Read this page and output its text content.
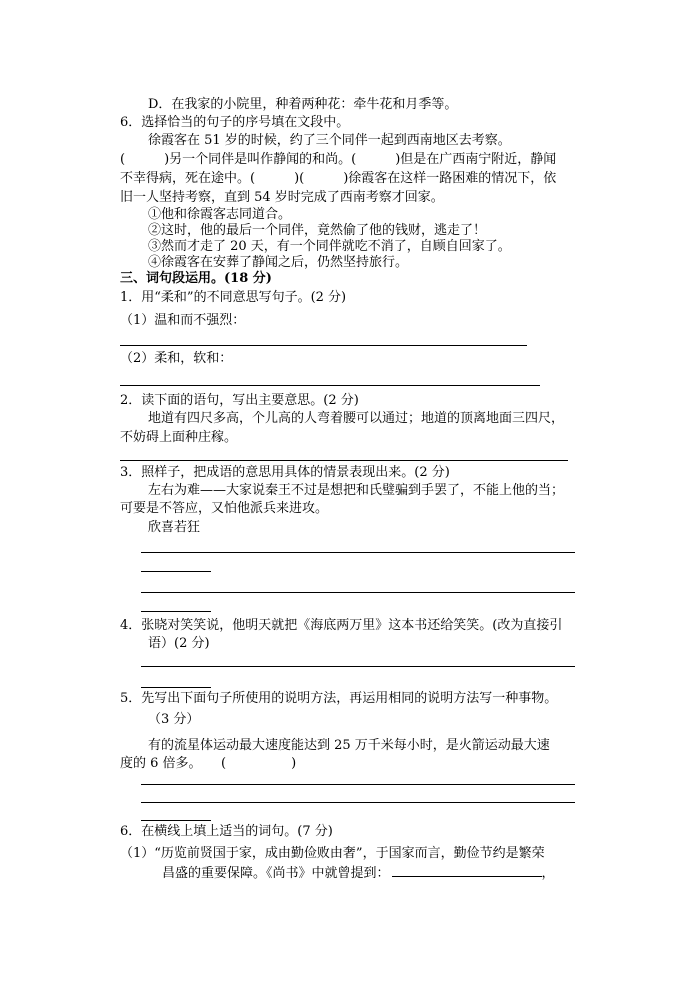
D．在我家的小院里，种着两种花：牵牛花和月季等。
6．选择恰当的句子的序号填在文段中。
徐霞客在 51 岁的时候，约了三个同伴一起到西南地区去考察。
(　　　)另一个同伴是叫作静闻的和尚。(　　　)但是在广西南宁附近，静闻
不幸得病，死在途中。(　　　)(　　　)徐霞客在这样一路困难的情况下，依
旧一人坚持考察，直到 54 岁时完成了西南考察才回家。
①他和徐霞客志同道合。
②这时，他的最后一个同伴，竟然偷了他的钱财，逃走了！
③然而才走了 20 天，有一个同伴就吃不消了，自顾自回家了。
④徐霞客在安葬了静闻之后，仍然坚持旅行。
三、词句段运用。(18 分)
1．用“柔和”的不同意思写句子。(2 分)
（1）温和而不强烈：
（2）柔和，软和：
2．读下面的语句，写出主要意思。(2 分)
地道有四尺多高，个儿高的人弯着腰可以通过；地道的顶离地面三四尺，
不妨碍上面种庄稼。
3．照样子，把成语的意思用具体的情景表现出来。(2 分)
左右为难——大家说秦王不过是想把和氏璧骗到手罢了，不能上他的当；
可要是不答应，又怕他派兵来进攻。
欣喜若狂
4．张晓对笑笑说，他明天就把《海底两万里》这本书还给笑笑。(改为直接引
语）(2 分)
5．先写出下面句子所使用的说明方法，再运用相同的说明方法写一种事物。
（3 分）
有的流星体运动最大速度能达到 25 万千米每小时，是火箭运动最大速
度的 6 倍多。　　(　　　　　)
6．在横线上填上适当的词句。(7 分)
（1）“历览前贤国于家，成由勤俭败由奢”，于国家而言，勤俭节约是繁荣
昌盛的重要保障。《尚书》中就曾提到：	，
